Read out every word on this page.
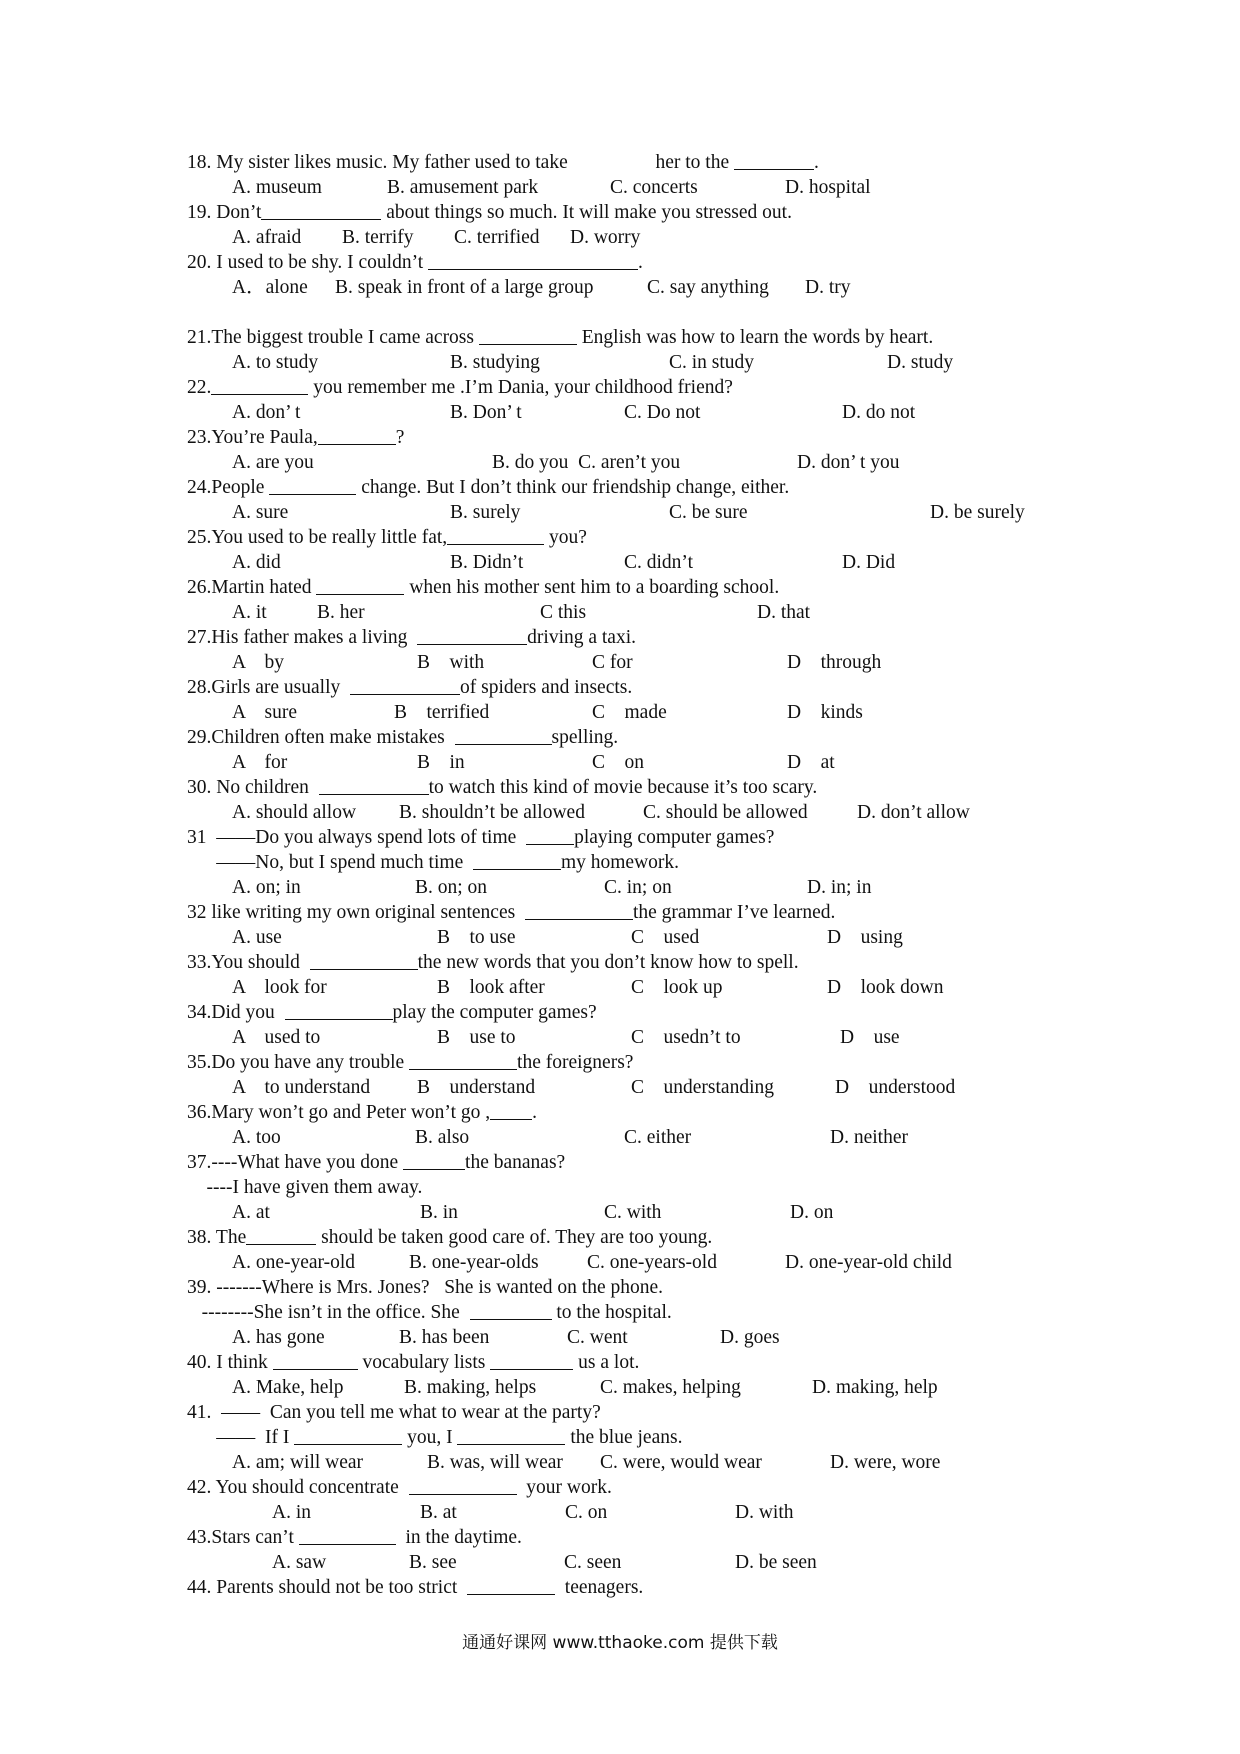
18. My sister likes music. My father used to take                  her to the	.
A. museum	B. amusement park	C. concerts	D. hospital
19. Don’t	about things so much. It will make you stressed out.
A. afraid B. terrify C. terrified D. worry
20. I used to be shy. I couldn’t	.
A．alone B. speak in front of a large group	C. say anything D. try
21.The biggest trouble I came across	English was how to learn the words by heart.
A. to study	B. studying	C. in study	D. study
22.	you remember me .I’m Dania, your childhood friend?
A. don’ t	B. Don’ t	C. Do not	D. do not
23.You’re Paula,	?
A. are you	B. do you  C. aren’t you	D. don’ t you
24.People	change. But I don’t think our friendship change, either.
A. sure	B. surely	C. be sure	D. be surely
25.You used to be really little fat,	you?
A. did	B. Didn’t	C. didn’t	D. Did
26.Martin hated	when his mother sent him to a boarding school.
A. it	B. her	C this	D. that
27.His father makes a living	driving a taxi.
A    by	B    with	C for	D    through
28.Girls are usually	of spiders and insects.
A    sure	B    terrified	C    made	D    kinds
29.Children often make mistakes	spelling.
A    for	B    in	C    on	D    at
30. No children	to watch this kind of movie because it’s too scary.
A. should allow B. shouldn’t be allowed	C. should be allowed	D. don’t allow
31  ——Do you always spend lots of time  playing computer games?
——No, but I spend much time	my homework.
A. on; in	B. on; on	C. in; on	D. in; in
32 like writing my own original sentences	the grammar I’ve learned.
A. use	B    to use	C    used	D    using
33.You should	the new words that you don’t know how to spell.
A    look for	B    look after	C    look up	D    look down
34.Did you	play the computer games?
A    used to	B    use to	C    usedn’t to	D    use
35.Do you have any trouble	the foreigners?
A    to understand B    understand	C    understanding	D    understood
36.Mary won’t go and Peter won’t go , .
A. too	B. also	C. either	D. neither
37.----What have you done	the bananas?
----I have given them away.
A. at	B. in	C. with	D. on
38. The	should be taken good care of. They are too young.
A. one-year-old	B. one-year-olds C. one-years-old	D. one-year-old child
39. -------Where is Mrs. Jones?   She is wanted on the phone.
--------She isn’t in the office. She	to the hospital.
A. has gone	B. has been	C. went	D. goes
40. I think	vocabulary lists	us a lot.
A. Make, help	B. making, helps	C. makes, helping	D. making, help
41.  ——  Can you tell me what to wear at the party?
——  If I	you, I	the blue jeans.
A. am; will wear	B. was, will wear C. were, would wear	D. were, wore
42. You should concentrate	your work.
A. in	B. at	C. on	D. with
43.Stars can’t	in the daytime.
A. saw	B. see	C. seen	D. be seen
44. Parents should not be too strict	teenagers.
通通好课网 www.tthaoke.com 提供下载
